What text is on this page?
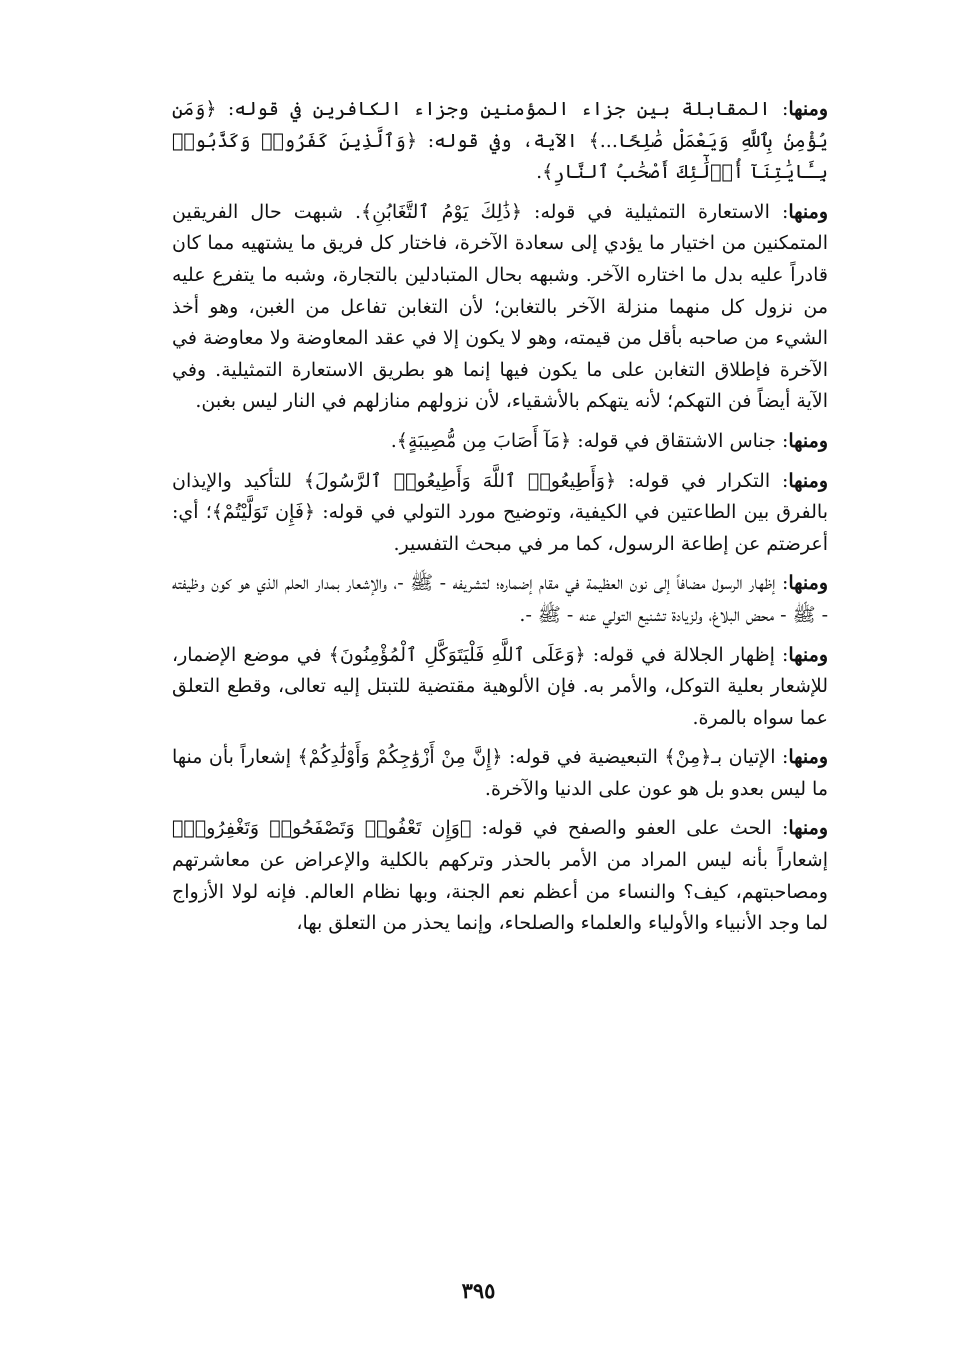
ومنها: المقابلة بين جزاء المؤمنين وجزاء الكافرين في قوله: ﴿وَمَن يُؤْمِنۢ بِٱللَّهِ وَيَعْمَلْ صَٰلِحًا...﴾ الآية، وفي قوله: ﴿وَٱلَّذِينَ كَفَرُوا۟ وَكَذَّبُوا۟ بِـَٔايَٰتِنَآ أُو۟لَٰٓئِكَ أَصْحَٰبُ ٱلنَّارِ﴾.

ومنها: الاستعارة التمثيلية في قوله: ﴿ذَٰلِكَ يَوْمُ ٱلتَّغَابُنِ﴾. شبهت حال الفريقين المتمكنين من اختيار ما يؤدي إلى سعادة الآخرة، فاختار كل فريق ما يشتهيه مما كان قادراً عليه بدل ما اختاره الآخر. وشبهه بحال المتبادلين بالتجارة، وشبه ما يتفرع عليه من نزول كل منهما منزلة الآخر بالتغابن؛ لأن التغابن تفاعل من الغبن، وهو أخذ الشيء من صاحبه بأقل من قيمته، وهو لا يكون إلا في عقد المعاوضة ولا معاوضة في الآخرة فإطلاق التغابن على ما يكون فيها إنما هو بطريق الاستعارة التمثيلية. وفي الآية أيضاً فن التهكم؛ لأنه يتهكم بالأشقياء، لأن نزولهم منازلهم في النار ليس بغبن.

ومنها: جناس الاشتقاق في قوله: ﴿مَآ أَصَابَ مِن مُّصِيبَةٍ﴾.

ومنها: التكرار في قوله: ﴿وَأَطِيعُوا۟ ٱللَّهَ وَأَطِيعُوا۟ ٱلرَّسُولَ﴾ للتأكيد والإيذان بالفرق بين الطاعتين في الكيفية، وتوضيح مورد التولي في قوله: ﴿فَإِن تَوَلَّيْتُمْ﴾؛ أي: أعرضتم عن إطاعة الرسول، كما مر في مبحث التفسير.

ومنها: إظهار الرسول مضافاً إلى نون العظيمة في مقام إضماره؛ لتشريفه - ﷺ -، والإشعار بمدار الحلم الذي هو كون وظيفته - ﷺ - محض البلاغ، ولزيادة تشنيع التولي عنه - ﷺ -.

ومنها: إظهار الجلالة في قوله: ﴿وَعَلَى ٱللَّهِ فَلْيَتَوَكَّلِ ٱلْمُؤْمِنُونَ﴾ في موضع الإضمار، للإشعار بعلية التوكل، والأمر به. فإن الألوهية مقتضية للتبتل إليه تعالى، وقطع التعلق عما سواه بالمرة.

ومنها: الإتيان بـ﴿مِنْ﴾ التبعيضية في قوله: ﴿إِنَّ مِنْ أَزْوَٰجِكُمْ وَأَوْلَٰدِكُمْ﴾ إشعاراً بأن منها ما ليس بعدو بل هو عون على الدنيا والآخرة.

ومنها: الحث على العفو والصفح في قوله: ﴿وَإِن تَعْفُوا۟ وَتَصْفَحُوا۟ وَتَغْفِرُوا۟﴾ إشعاراً بأنه ليس المراد من الأمر بالحذر وتركهم بالكلية والإعراض عن معاشرتهم ومصاحبتهم، كيف؟ والنساء من أعظم نعم الجنة، وبها نظام العالم. فإنه لولا الأزواج لما وجد الأنبياء والأولياء والعلماء والصلحاء، وإنما يحذر من التعلق بها،

٣٩٥
